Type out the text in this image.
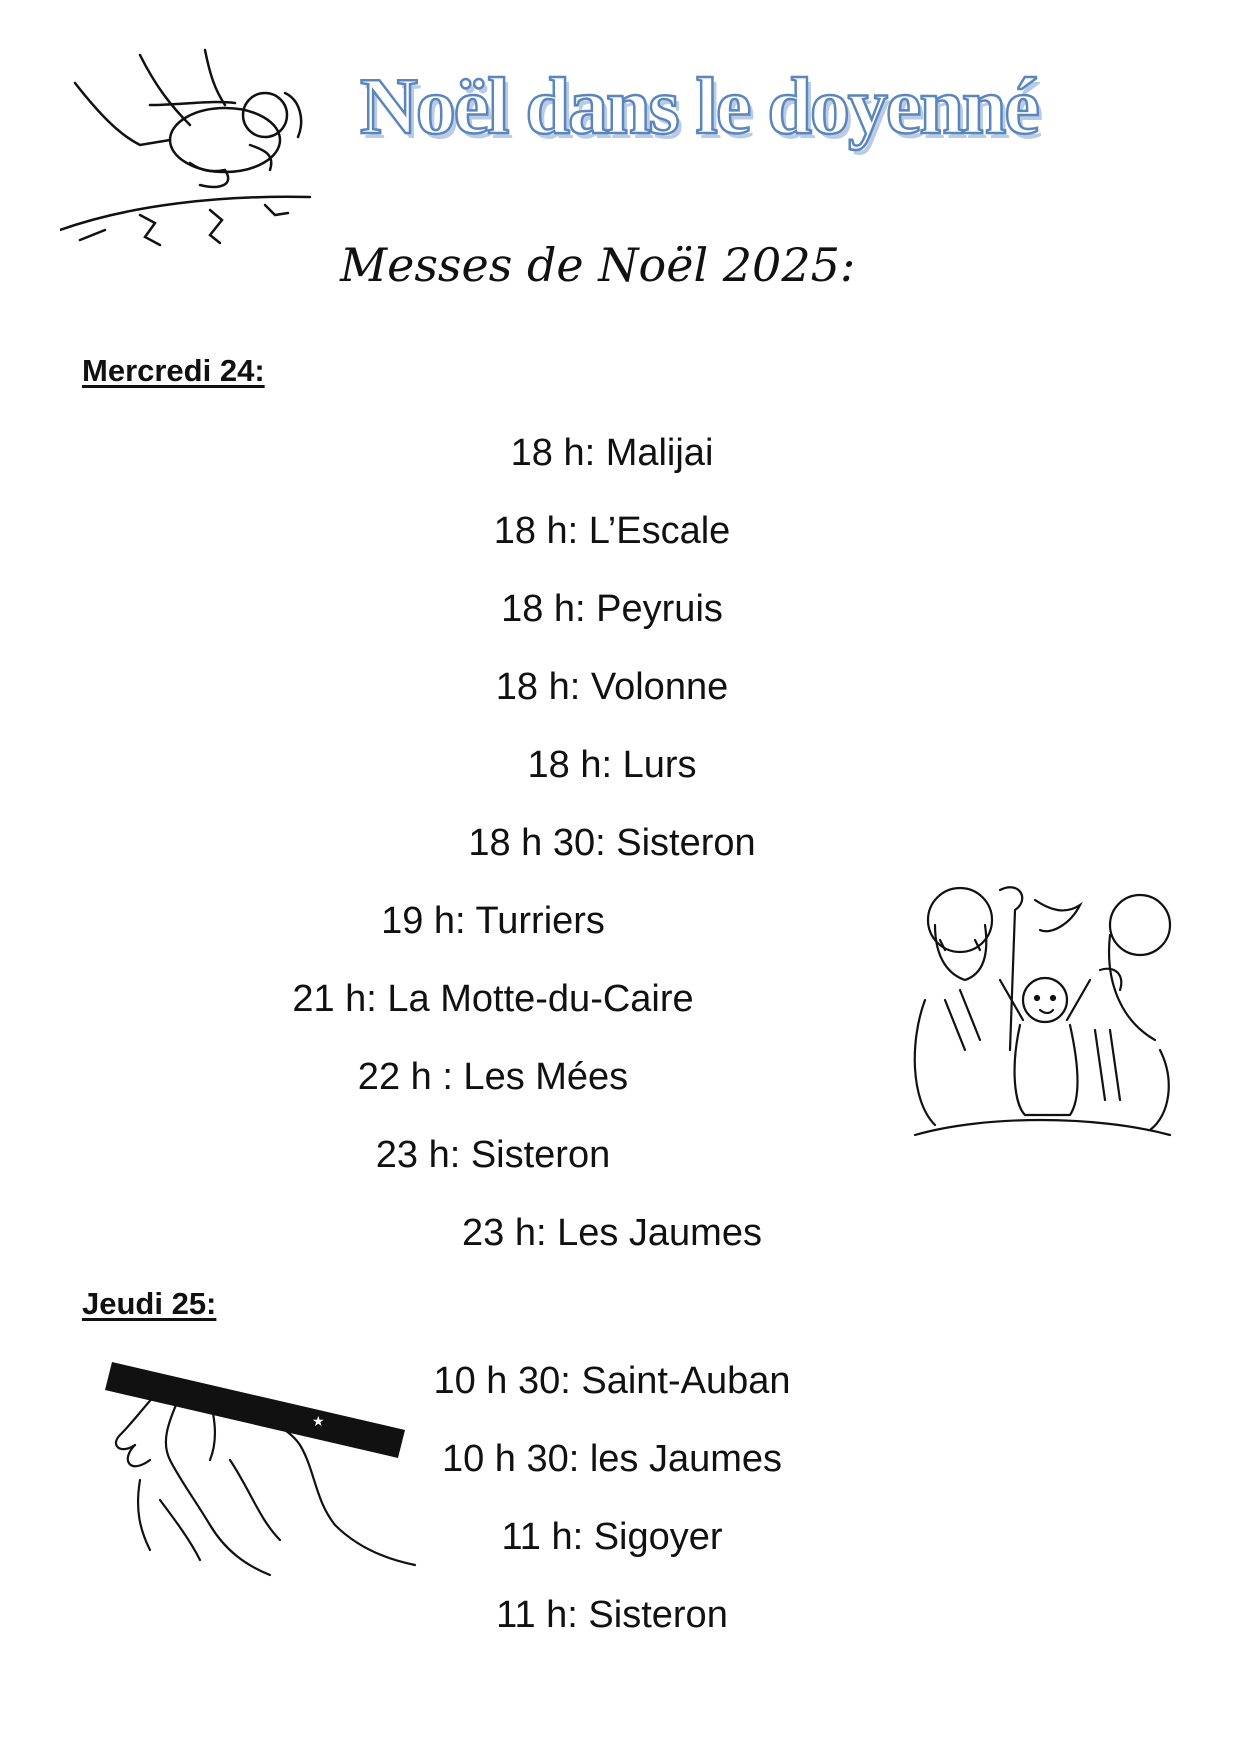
Noël dans le doyenné
Messes de Noël 2025:
Mercredi 24:
18 h: Malijai
18 h: L’Escale
18 h: Peyruis
18 h: Volonne
18 h: Lurs
18 h 30: Sisteron
19 h: Turriers
21 h: La Motte-du-Caire
22 h : Les Mées
23 h: Sisteron
23 h: Les Jaumes
Jeudi 25:
10 h 30: Saint-Auban
10 h 30: les Jaumes
11 h: Sigoyer
11 h: Sisteron
★
